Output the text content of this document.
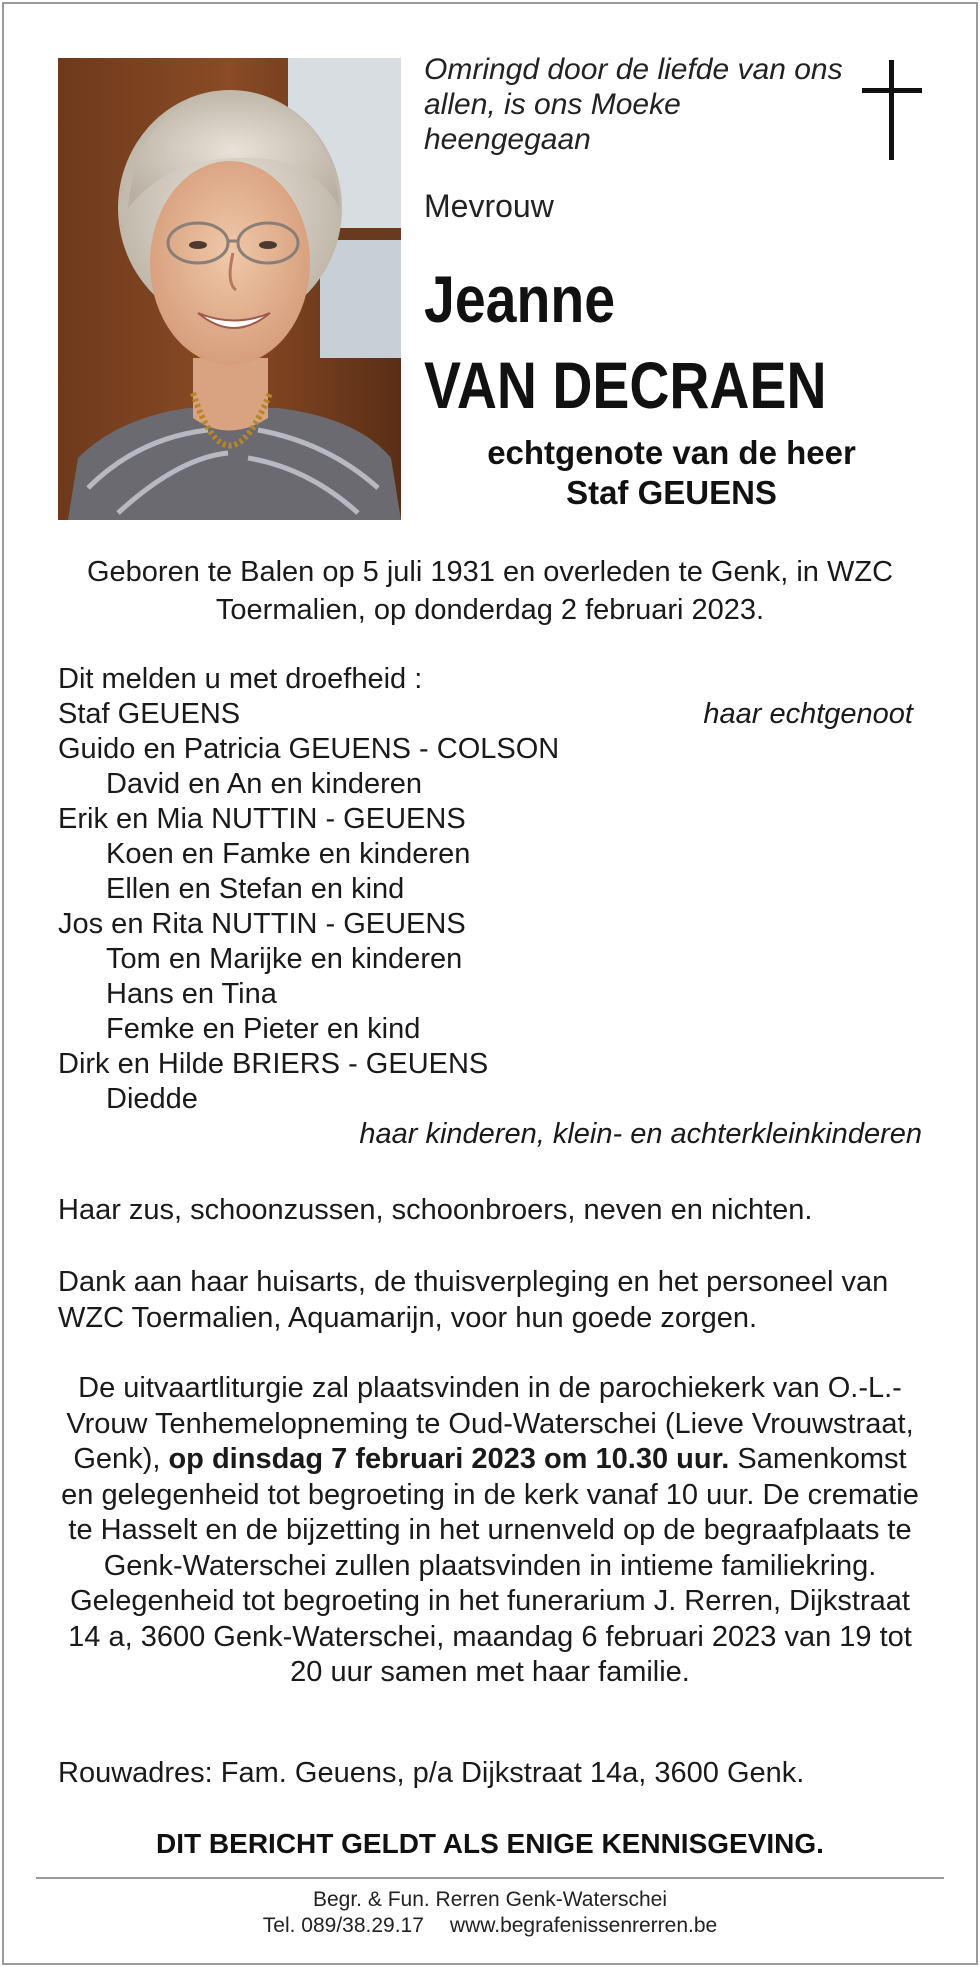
Omringd door de liefde van ons allen, is ons Moeke heengegaan
Mevrouw
Jeanne
VAN DECRAEN
echtgenote van de heer
Staf GEUENS
Geboren te Balen op 5 juli 1931 en overleden te Genk, in WZC Toermalien, op donderdag 2 februari 2023.
Dit melden u met droefheid :
Staf GEUENS	haar echtgenoot
Guido en Patricia GEUENS - COLSON
David en An en kinderen
Erik en Mia NUTTIN - GEUENS
Koen en Famke en kinderen
Ellen en Stefan en kind
Jos en Rita NUTTIN - GEUENS
Tom en Marijke en kinderen
Hans en Tina
Femke en Pieter en kind
Dirk en Hilde BRIERS - GEUENS
Diedde
haar kinderen, klein- en achterkleinkinderen
Haar zus, schoonzussen, schoonbroers, neven en nichten.
Dank aan haar huisarts, de thuisverpleging en het personeel van WZC Toermalien, Aquamarijn, voor hun goede zorgen.
De uitvaartliturgie zal plaatsvinden in de parochiekerk van O.-L.-Vrouw Tenhemelopneming te Oud-Waterschei (Lieve Vrouwstraat, Genk), op dinsdag 7 februari 2023 om 10.30 uur. Samenkomst en gelegenheid tot begroeting in de kerk vanaf 10 uur. De crematie te Hasselt en de bijzetting in het urnenveld op de begraafplaats te Genk-Waterschei zullen plaatsvinden in intieme familiekring.
Gelegenheid tot begroeting in het funerarium J. Rerren, Dijkstraat 14 a, 3600 Genk-Waterschei, maandag 6 februari 2023 van 19 tot 20 uur samen met haar familie.
Rouwadres: Fam. Geuens, p/a Dijkstraat 14a, 3600 Genk.
DIT BERICHT GELDT ALS ENIGE KENNISGEVING.
Begr. & Fun. Rerren Genk-Waterschei
Tel. 089/38.29.17 www.begrafenissenrerren.be
